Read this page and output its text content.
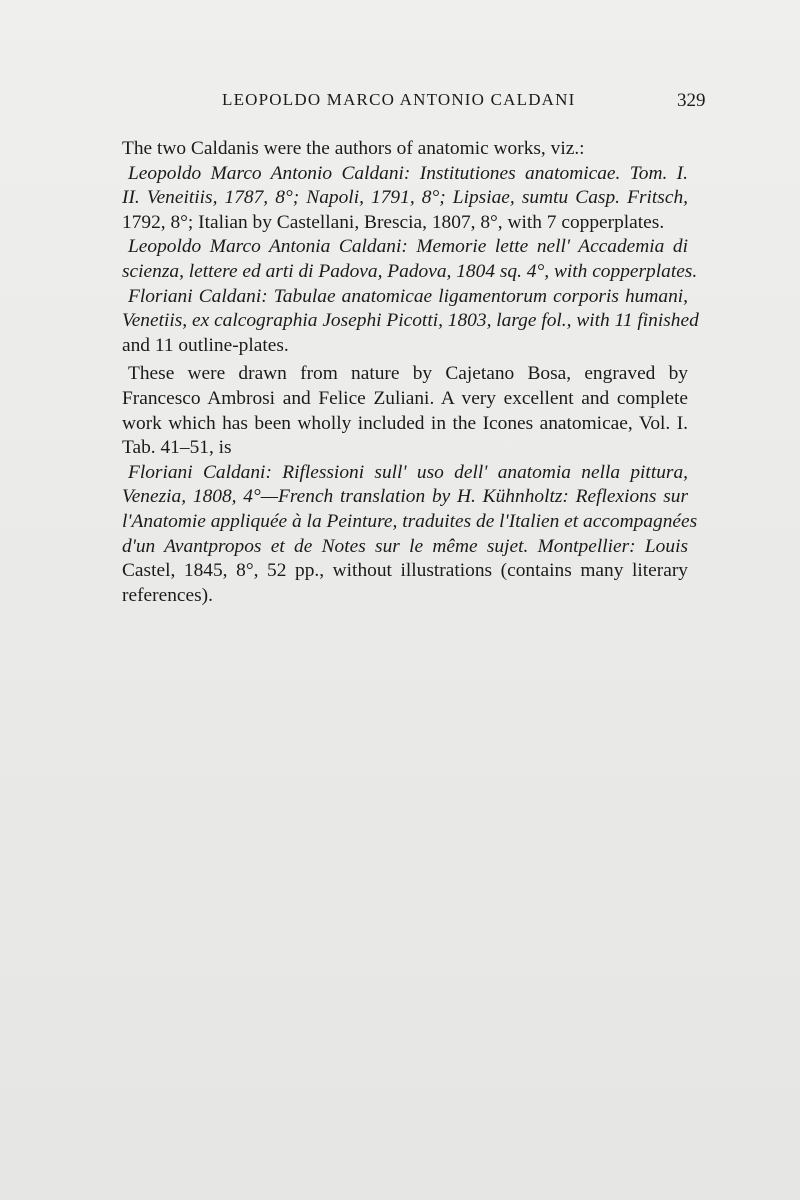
LEOPOLDO MARCO ANTONIO CALDANI	329
The two Caldanis were the authors of anatomic works, viz.:
Leopoldo Marco Antonio Caldani: Institutiones anatomicae. Tom. I.
II. Veneitiis, 1787, 8°; Napoli, 1791, 8°; Lipsiae, sumtu Casp. Fritsch,
1792, 8°; Italian by Castellani, Brescia, 1807, 8°, with 7 copperplates.
Leopoldo Marco Antonia Caldani: Memorie lette nell' Accademia di
scienza, lettere ed arti di Padova, Padova, 1804 sq. 4°, with copperplates.
Floriani Caldani: Tabulae anatomicae ligamentorum corporis humani,
Venetiis, ex calcographia Josephi Picotti, 1803, large fol., with 11 finished
and 11 outline-plates.
These were drawn from nature by Cajetano Bosa, engraved by
Francesco Ambrosi and Felice Zuliani. A very excellent and complete
work which has been wholly included in the Icones anatomicae, Vol. I.
Tab. 41–51, is
Floriani Caldani: Riflessioni sull' uso dell' anatomia nella pittura,
Venezia, 1808, 4°—French translation by H. Kühnholtz: Reflexions sur
l'Anatomie appliquée à la Peinture, traduites de l'Italien et accompagnées
d'un Avantpropos et de Notes sur le même sujet. Montpellier: Louis
Castel, 1845, 8°, 52 pp., without illustrations (contains many literary
references).
